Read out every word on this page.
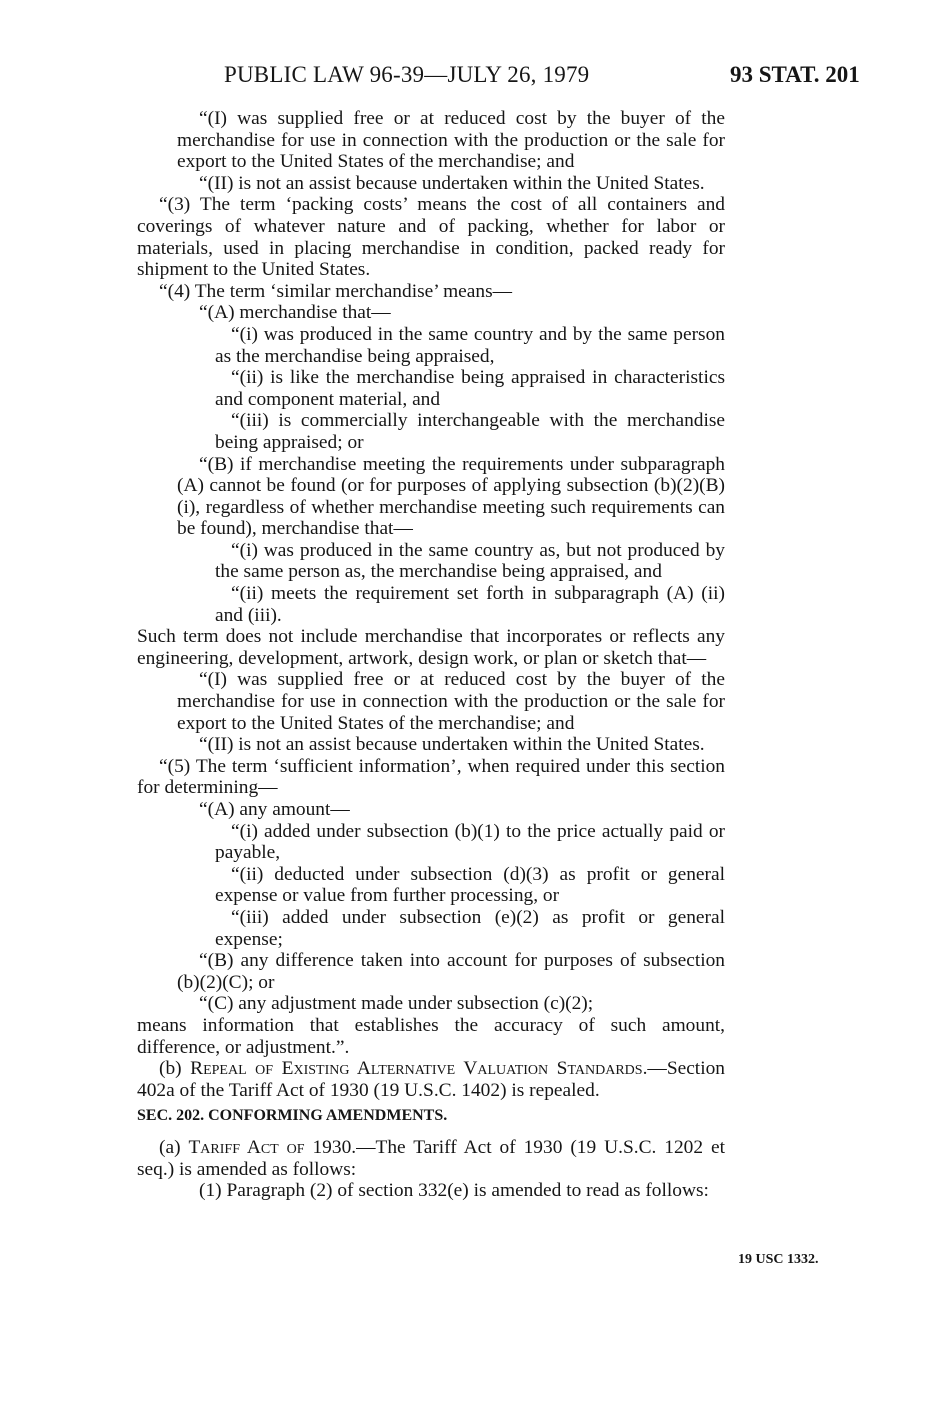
PUBLIC LAW 96-39—JULY 26, 1979	93 STAT. 201

“(I) was supplied free or at reduced cost by the buyer of the merchandise for use in connection with the production or the sale for export to the United States of the merchandise; and

“(II) is not an assist because undertaken within the United States.

“(3) The term ‘packing costs’ means the cost of all containers and coverings of whatever nature and of packing, whether for labor or materials, used in placing merchandise in condition, packed ready for shipment to the United States.

“(4) The term ‘similar merchandise’ means—

“(A) merchandise that—

“(i) was produced in the same country and by the same person as the merchandise being appraised,

“(ii) is like the merchandise being appraised in characteristics and component material, and

“(iii) is commercially interchangeable with the merchandise being appraised; or

“(B) if merchandise meeting the requirements under subparagraph (A) cannot be found (or for purposes of applying subsection (b)(2)(B)(i), regardless of whether merchandise meeting such requirements can be found), merchandise that—

“(i) was produced in the same country as, but not produced by the same person as, the merchandise being appraised, and

“(ii) meets the requirement set forth in subparagraph (A) (ii) and (iii).

Such term does not include merchandise that incorporates or reflects any engineering, development, artwork, design work, or plan or sketch that—

“(I) was supplied free or at reduced cost by the buyer of the merchandise for use in connection with the production or the sale for export to the United States of the merchandise; and

“(II) is not an assist because undertaken within the United States.

“(5) The term ‘sufficient information’, when required under this section for determining—

“(A) any amount—

“(i) added under subsection (b)(1) to the price actually paid or payable,

“(ii) deducted under subsection (d)(3) as profit or general expense or value from further processing, or

“(iii) added under subsection (e)(2) as profit or general expense;

“(B) any difference taken into account for purposes of subsection (b)(2)(C); or

“(C) any adjustment made under subsection (c)(2);

means information that establishes the accuracy of such amount, difference, or adjustment.”.

(b) Repeal of Existing Alternative Valuation Standards.—Section 402a of the Tariff Act of 1930 (19 U.S.C. 1402) is repealed.

SEC. 202. CONFORMING AMENDMENTS.

(a) Tariff Act of 1930.—The Tariff Act of 1930 (19 U.S.C. 1202 et seq.) is amended as follows:

(1) Paragraph (2) of section 332(e) is amended to read as follows:

19 USC 1332.
